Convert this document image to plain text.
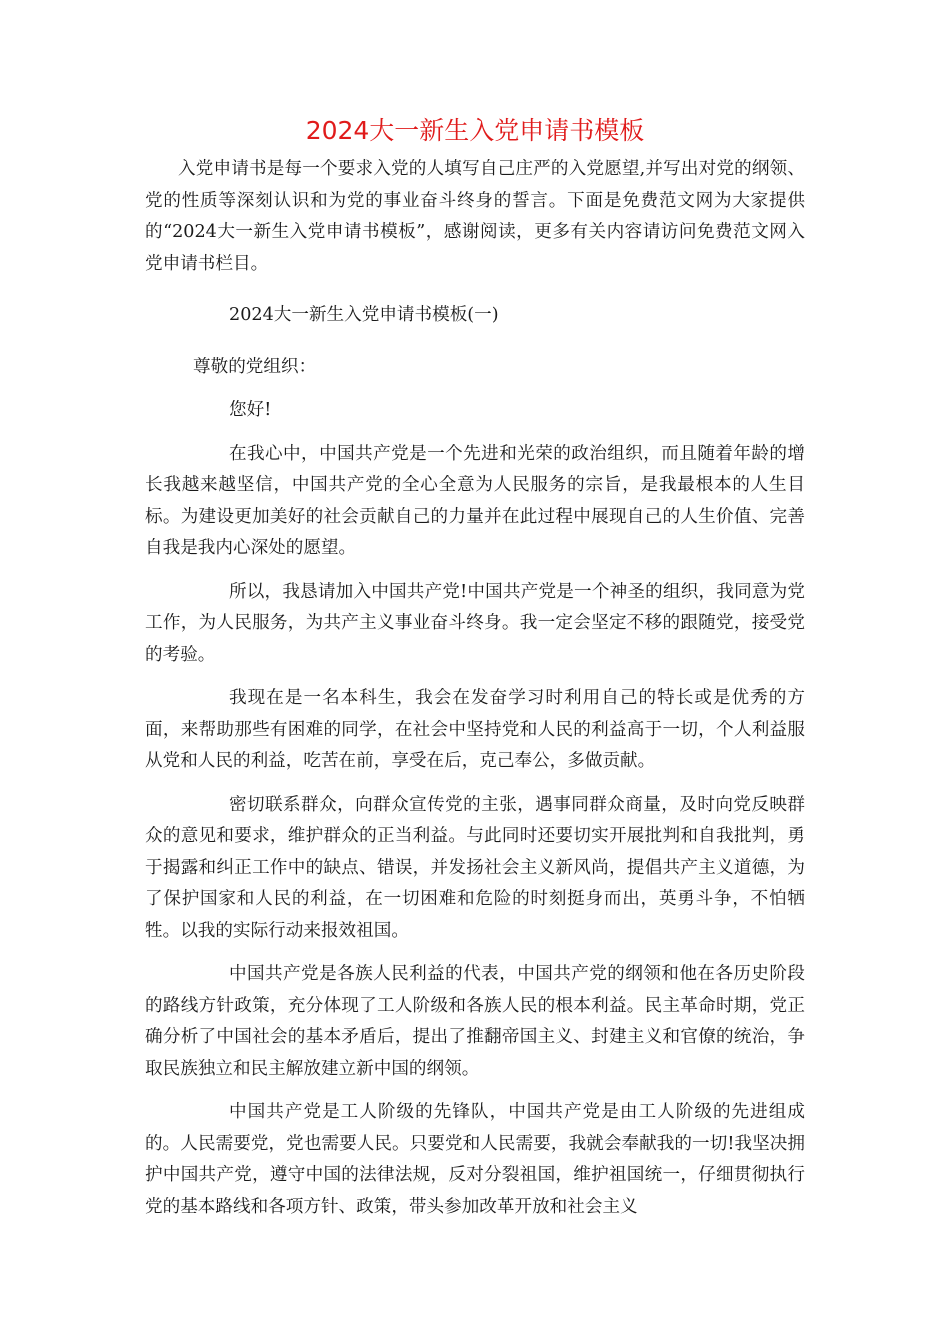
2024大一新生入党申请书模板

入党申请书是每一个要求入党的人填写自己庄严的入党愿望,并写出对党的纲领、党的性质等深刻认识和为党的事业奋斗终身的誓言。下面是免费范文网为大家提供的“2024大一新生入党申请书模板”，感谢阅读，更多有关内容请访问免费范文网入党申请书栏目。

2024大一新生入党申请书模板(一)

尊敬的党组织：

您好!

在我心中，中国共产党是一个先进和光荣的政治组织，而且随着年龄的增长我越来越坚信，中国共产党的全心全意为人民服务的宗旨，是我最根本的人生目标。为建设更加美好的社会贡献自己的力量并在此过程中展现自己的人生价值、完善自我是我内心深处的愿望。

所以，我恳请加入中国共产党!中国共产党是一个神圣的组织，我同意为党工作，为人民服务，为共产主义事业奋斗终身。我一定会坚定不移的跟随党，接受党的考验。

我现在是一名本科生，我会在发奋学习时利用自己的特长或是优秀的方面，来帮助那些有困难的同学，在社会中坚持党和人民的利益高于一切，个人利益服从党和人民的利益，吃苦在前，享受在后，克己奉公，多做贡献。

密切联系群众，向群众宣传党的主张，遇事同群众商量，及时向党反映群众的意见和要求，维护群众的正当利益。与此同时还要切实开展批判和自我批判，勇于揭露和纠正工作中的缺点、错误，并发扬社会主义新风尚，提倡共产主义道德，为了保护国家和人民的利益，在一切困难和危险的时刻挺身而出，英勇斗争，不怕牺牲。以我的实际行动来报效祖国。

中国共产党是各族人民利益的代表，中国共产党的纲领和他在各历史阶段的路线方针政策，充分体现了工人阶级和各族人民的根本利益。民主革命时期，党正确分析了中国社会的基本矛盾后，提出了推翻帝国主义、封建主义和官僚的统治，争取民族独立和民主解放建立新中国的纲领。

中国共产党是工人阶级的先锋队，中国共产党是由工人阶级的先进组成的。人民需要党，党也需要人民。只要党和人民需要，我就会奉献我的一切!我坚决拥护中国共产党，遵守中国的法律法规，反对分裂祖国，维护祖国统一，仔细贯彻执行党的基本路线和各项方针、政策，带头参加改革开放和社会主义
